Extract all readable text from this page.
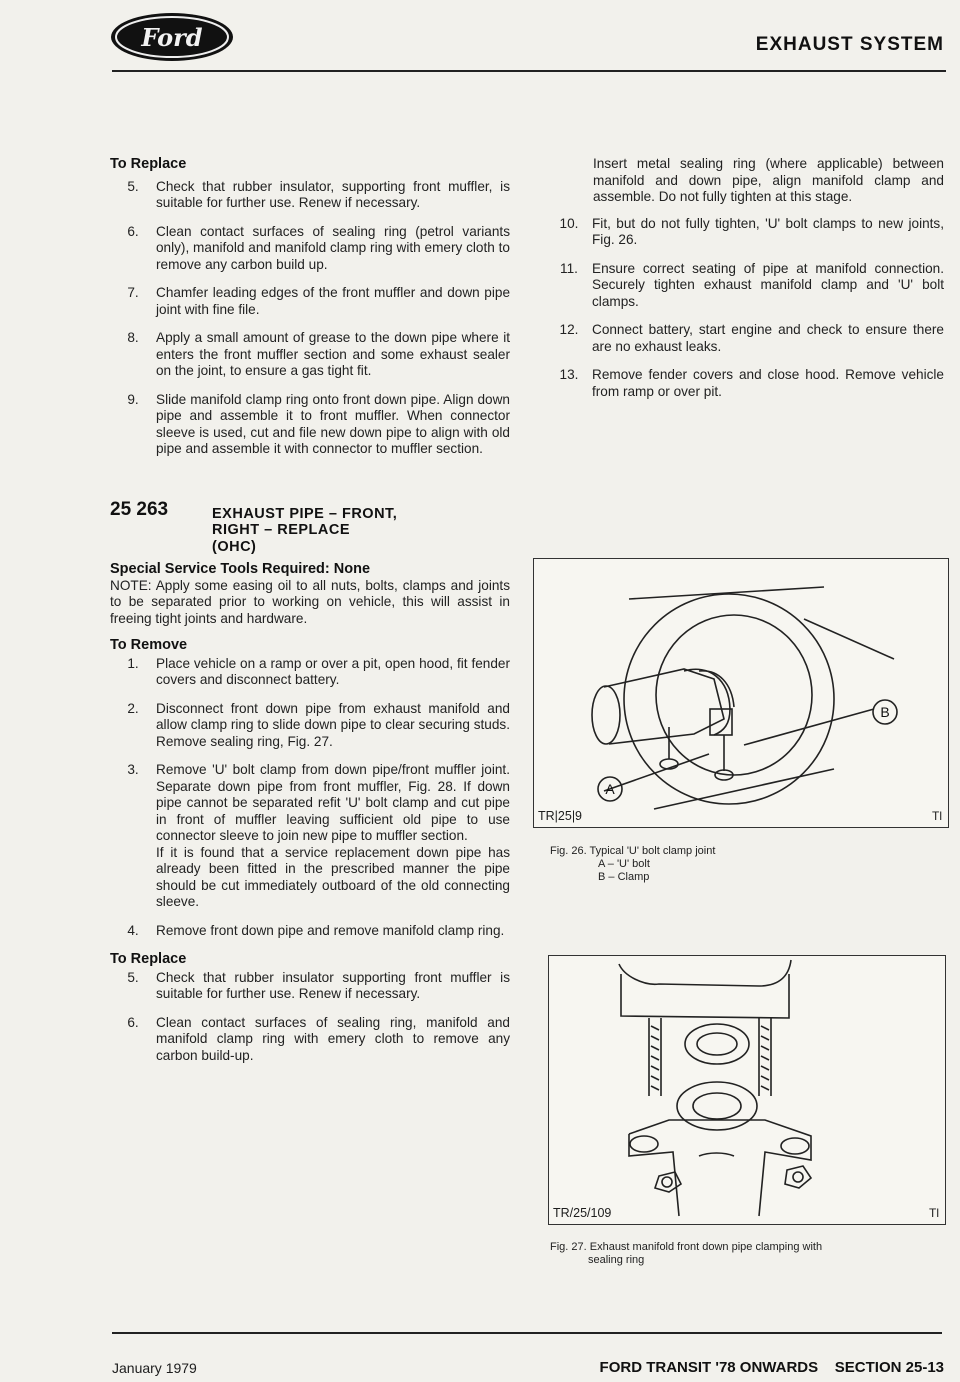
Ford	EXHAUST SYSTEM
To Replace
5.	Check that rubber insulator, supporting front muffler, is suitable for further use. Renew if necessary.
6.	Clean contact surfaces of sealing ring (petrol variants only), manifold and manifold clamp ring with emery cloth to remove any carbon build up.
7.	Chamfer leading edges of the front muffler and down pipe joint with fine file.
8.	Apply a small amount of grease to the down pipe where it enters the front muffler section and some exhaust sealer on the joint, to ensure a gas tight fit.
9.	Slide manifold clamp ring onto front down pipe. Align down pipe and assemble it to front muffler. When connector sleeve is used, cut and file new down pipe to align with old pipe and assemble it with connector to muffler section.
25 263	EXHAUST PIPE – FRONT,
RIGHT – REPLACE
(OHC)
Special Service Tools Required: None
NOTE: Apply some easing oil to all nuts, bolts, clamps and joints to be separated prior to working on vehicle, this will assist in freeing tight joints and hardware.
To Remove
1.	Place vehicle on a ramp or over a pit, open hood, fit fender covers and disconnect battery.
2.	Disconnect front down pipe from exhaust manifold and allow clamp ring to slide down pipe to clear securing studs. Remove sealing ring, Fig. 27.
3.	Remove 'U' bolt clamp from down pipe/front muffler joint. Separate down pipe from front muffler, Fig. 28. If down pipe cannot be separated refit 'U' bolt clamp and cut pipe in front of muffler leaving sufficient old pipe to use connector sleeve to join new pipe to muffler section.
If it is found that a service replacement down pipe has already been fitted in the prescribed manner the pipe should be cut immediately outboard of the old connecting sleeve.
4.	Remove front down pipe and remove manifold clamp ring.
To Replace
5.	Check that rubber insulator supporting front muffler is suitable for further use. Renew if necessary.
6.	Clean contact surfaces of sealing ring, manifold and manifold clamp ring with emery cloth to remove any carbon build-up.
Insert metal sealing ring (where applicable) between manifold and down pipe, align manifold clamp and assemble. Do not fully tighten at this stage.
10. Fit, but do not fully tighten, 'U' bolt clamps to new joints, Fig. 26.
11.	Ensure correct seating of pipe at manifold connection. Securely tighten exhaust manifold clamp and 'U' bolt clamps.
12. Connect battery, start engine and check to ensure there are no exhaust leaks.
13. Remove fender covers and close hood. Remove vehicle from ramp or over pit.
A
B
TR|25|9	Tl
Fig. 26. Typical 'U' bolt clamp joint
A – 'U' bolt
B – Clamp
TR/25/109	Tl
Fig. 27. Exhaust manifold front down pipe clamping with
sealing ring
January 1979	FORD TRANSIT '78 ONWARDS    SECTION 25-13
